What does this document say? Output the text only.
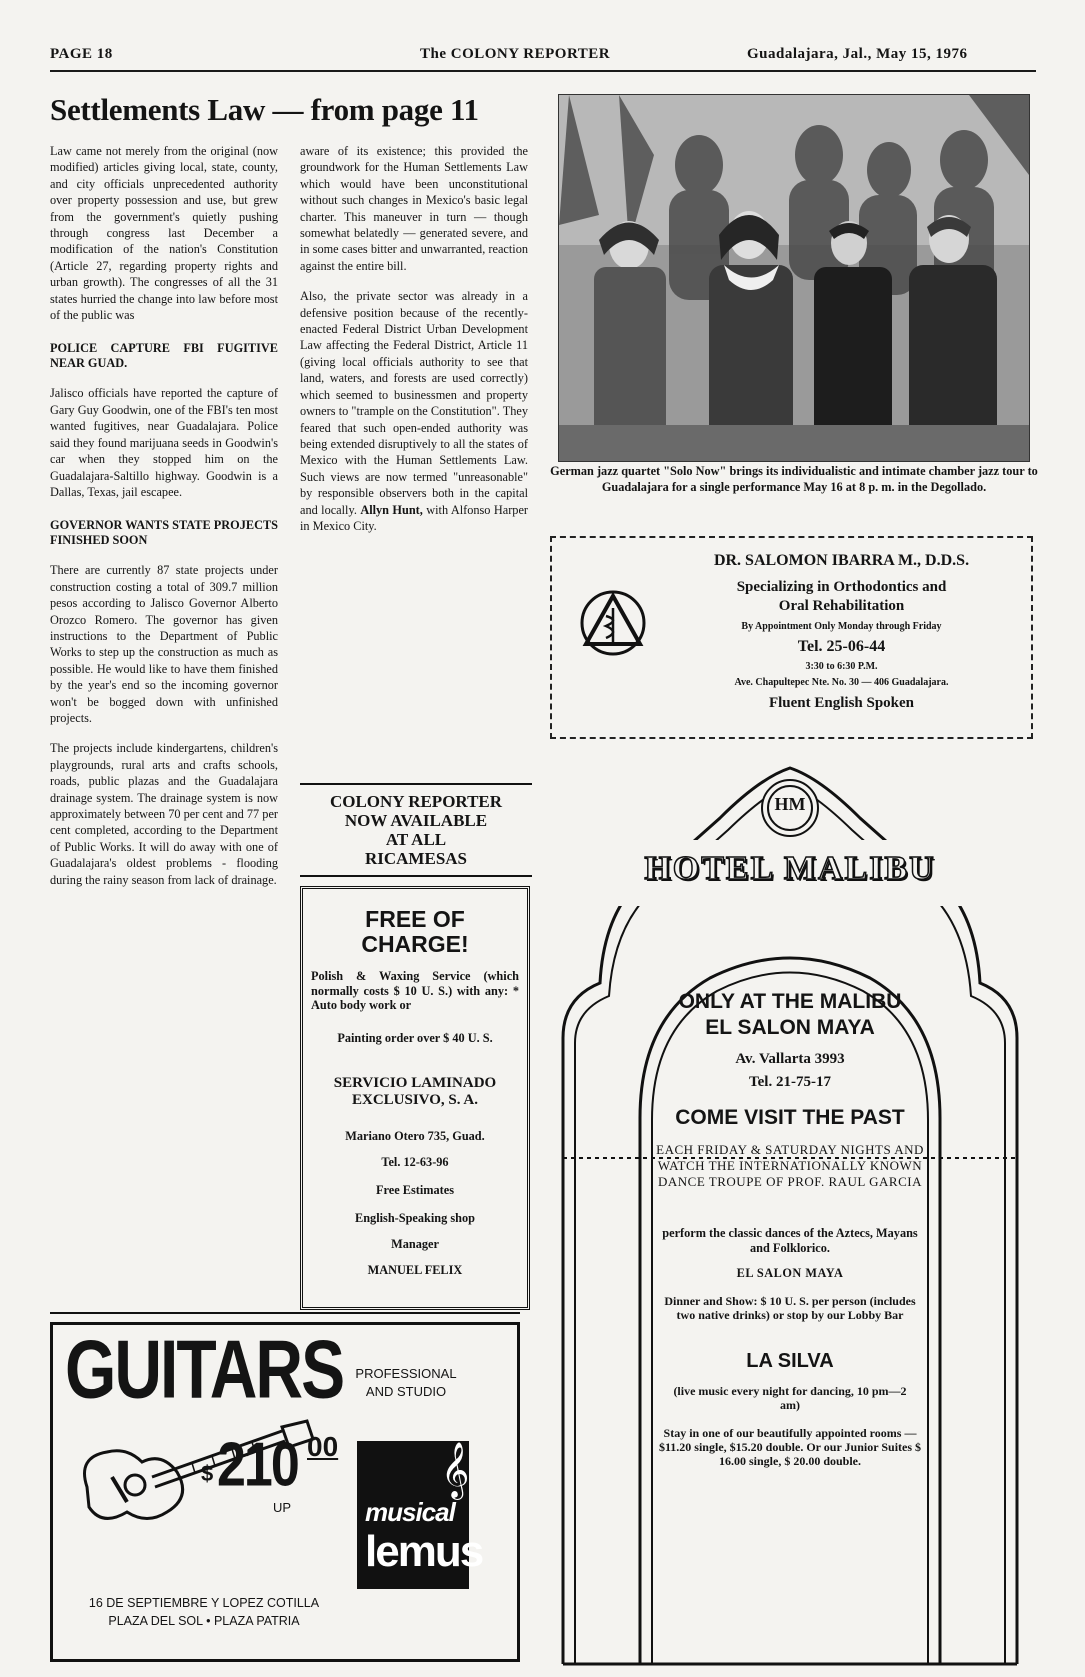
PAGE 18	The COLONY REPORTER	Guadalajara, Jal., May 15, 1976
Settlements Law — from page 11

Law came not merely from the original (now modified) articles giving local, state, county, and city officials unprecedented authority over property possession and use, but grew from the government's quietly pushing through congress last December a modification of the nation's Constitution (Article 27, regarding property rights and urban growth). The congresses of all the 31 states hurried the change into law before most of the public was

POLICE CAPTURE FBI FUGITIVE NEAR GUAD.

Jalisco officials have reported the capture of Gary Guy Goodwin, one of the FBI's ten most wanted fugitives, near Guadalajara. Police said they found marijuana seeds in Goodwin's car when they stopped him on the Guadalajara-Saltillo highway. Goodwin is a Dallas, Texas, jail escapee.

GOVERNOR WANTS STATE PROJECTS FINISHED SOON

There are currently 87 state projects under construction costing a total of 309.7 million pesos according to Jalisco Governor Alberto Orozco Romero. The governor has given instructions to the Department of Public Works to step up the construction as much as possible. He would like to have them finished by the year's end so the incoming governor won't be bogged down with unfinished projects.

The projects include kindergartens, children's playgrounds, rural arts and crafts schools, roads, public plazas and the Guadalajara drainage system. The drainage system is now approximately between 70 per cent and 77 per cent completed, according to the Department of Public Works. It will do away with one of Guadalajara's oldest problems - flooding during the rainy season from lack of drainage.

aware of its existence; this provided the groundwork for the Human Settlements Law which would have been unconstitutional without such changes in Mexico's basic legal charter. This maneuver in turn — though somewhat belatedly — generated severe, and in some cases bitter and unwarranted, reaction against the entire bill.

Also, the private sector was already in a defensive position because of the recently-enacted Federal District Urban Development Law affecting the Federal District, Article 11 (giving local officials authority to see that land, waters, and forests are used correctly) which seemed to businessmen and property owners to "trample on the Constitution". They feared that such open-ended authority was being extended disruptively to all the states of Mexico with the Human Settlements Law. Such views are now termed "unreasonable" by responsible observers both in the capital and locally. Allyn Hunt, with Alfonso Harper in Mexico City.

German jazz quartet "Solo Now" brings its individualistic and intimate chamber jazz tour to Guadalajara for a single performance May 16 at 8 p. m. in the Degollado.
DR. SALOMON IBARRA M., D.D.S.
Specializing in Orthodontics and
Oral Rehabilitation
By Appointment Only Monday through Friday
Tel. 25-06-44
3:30 to 6:30 P.M.
Ave. Chapultepec Nte. No. 30 — 406 Guadalajara.
Fluent English Spoken
COLONY REPORTER
NOW AVAILABLE
AT ALL
RICAMESAS
FREE OF
CHARGE!
Polish & Waxing Service (which normally costs $ 10 U. S.) with any: * Auto body work or
Painting order over $ 40 U. S.
SERVICIO LAMINADO EXCLUSIVO, S. A.
Mariano Otero 735, Guad.
Tel. 12-63-96
Free Estimates
English-Speaking shop
Manager
MANUEL FELIX
GUITARS PROFESSIONAL AND STUDIO
$ 210 00
UP	musical
lemus
𝄞
16 DE SEPTIEMBRE Y LOPEZ COTILLA
PLAZA DEL SOL • PLAZA PATRIA
HM
HOTEL MALIBU
ONLY AT THE MALIBU
EL SALON MAYA
Av. Vallarta 3993
Tel. 21-75-17
COME VISIT THE PAST
EACH FRIDAY & SATURDAY NIGHTS AND WATCH THE INTERNATIONALLY KNOWN DANCE TROUPE OF PROF. RAUL GARCIA
perform the classic dances of the Aztecs, Mayans and Folklorico.
EL SALON MAYA
Dinner and Show: $ 10 U. S. per person (includes two native drinks) or stop by our Lobby Bar
LA SILVA
(live music every night for dancing, 10 pm—2 am)
Stay in one of our beautifully appointed rooms — $11.20 single, $15.20 double. Or our Junior Suites $ 16.00 single, $ 20.00 double.
